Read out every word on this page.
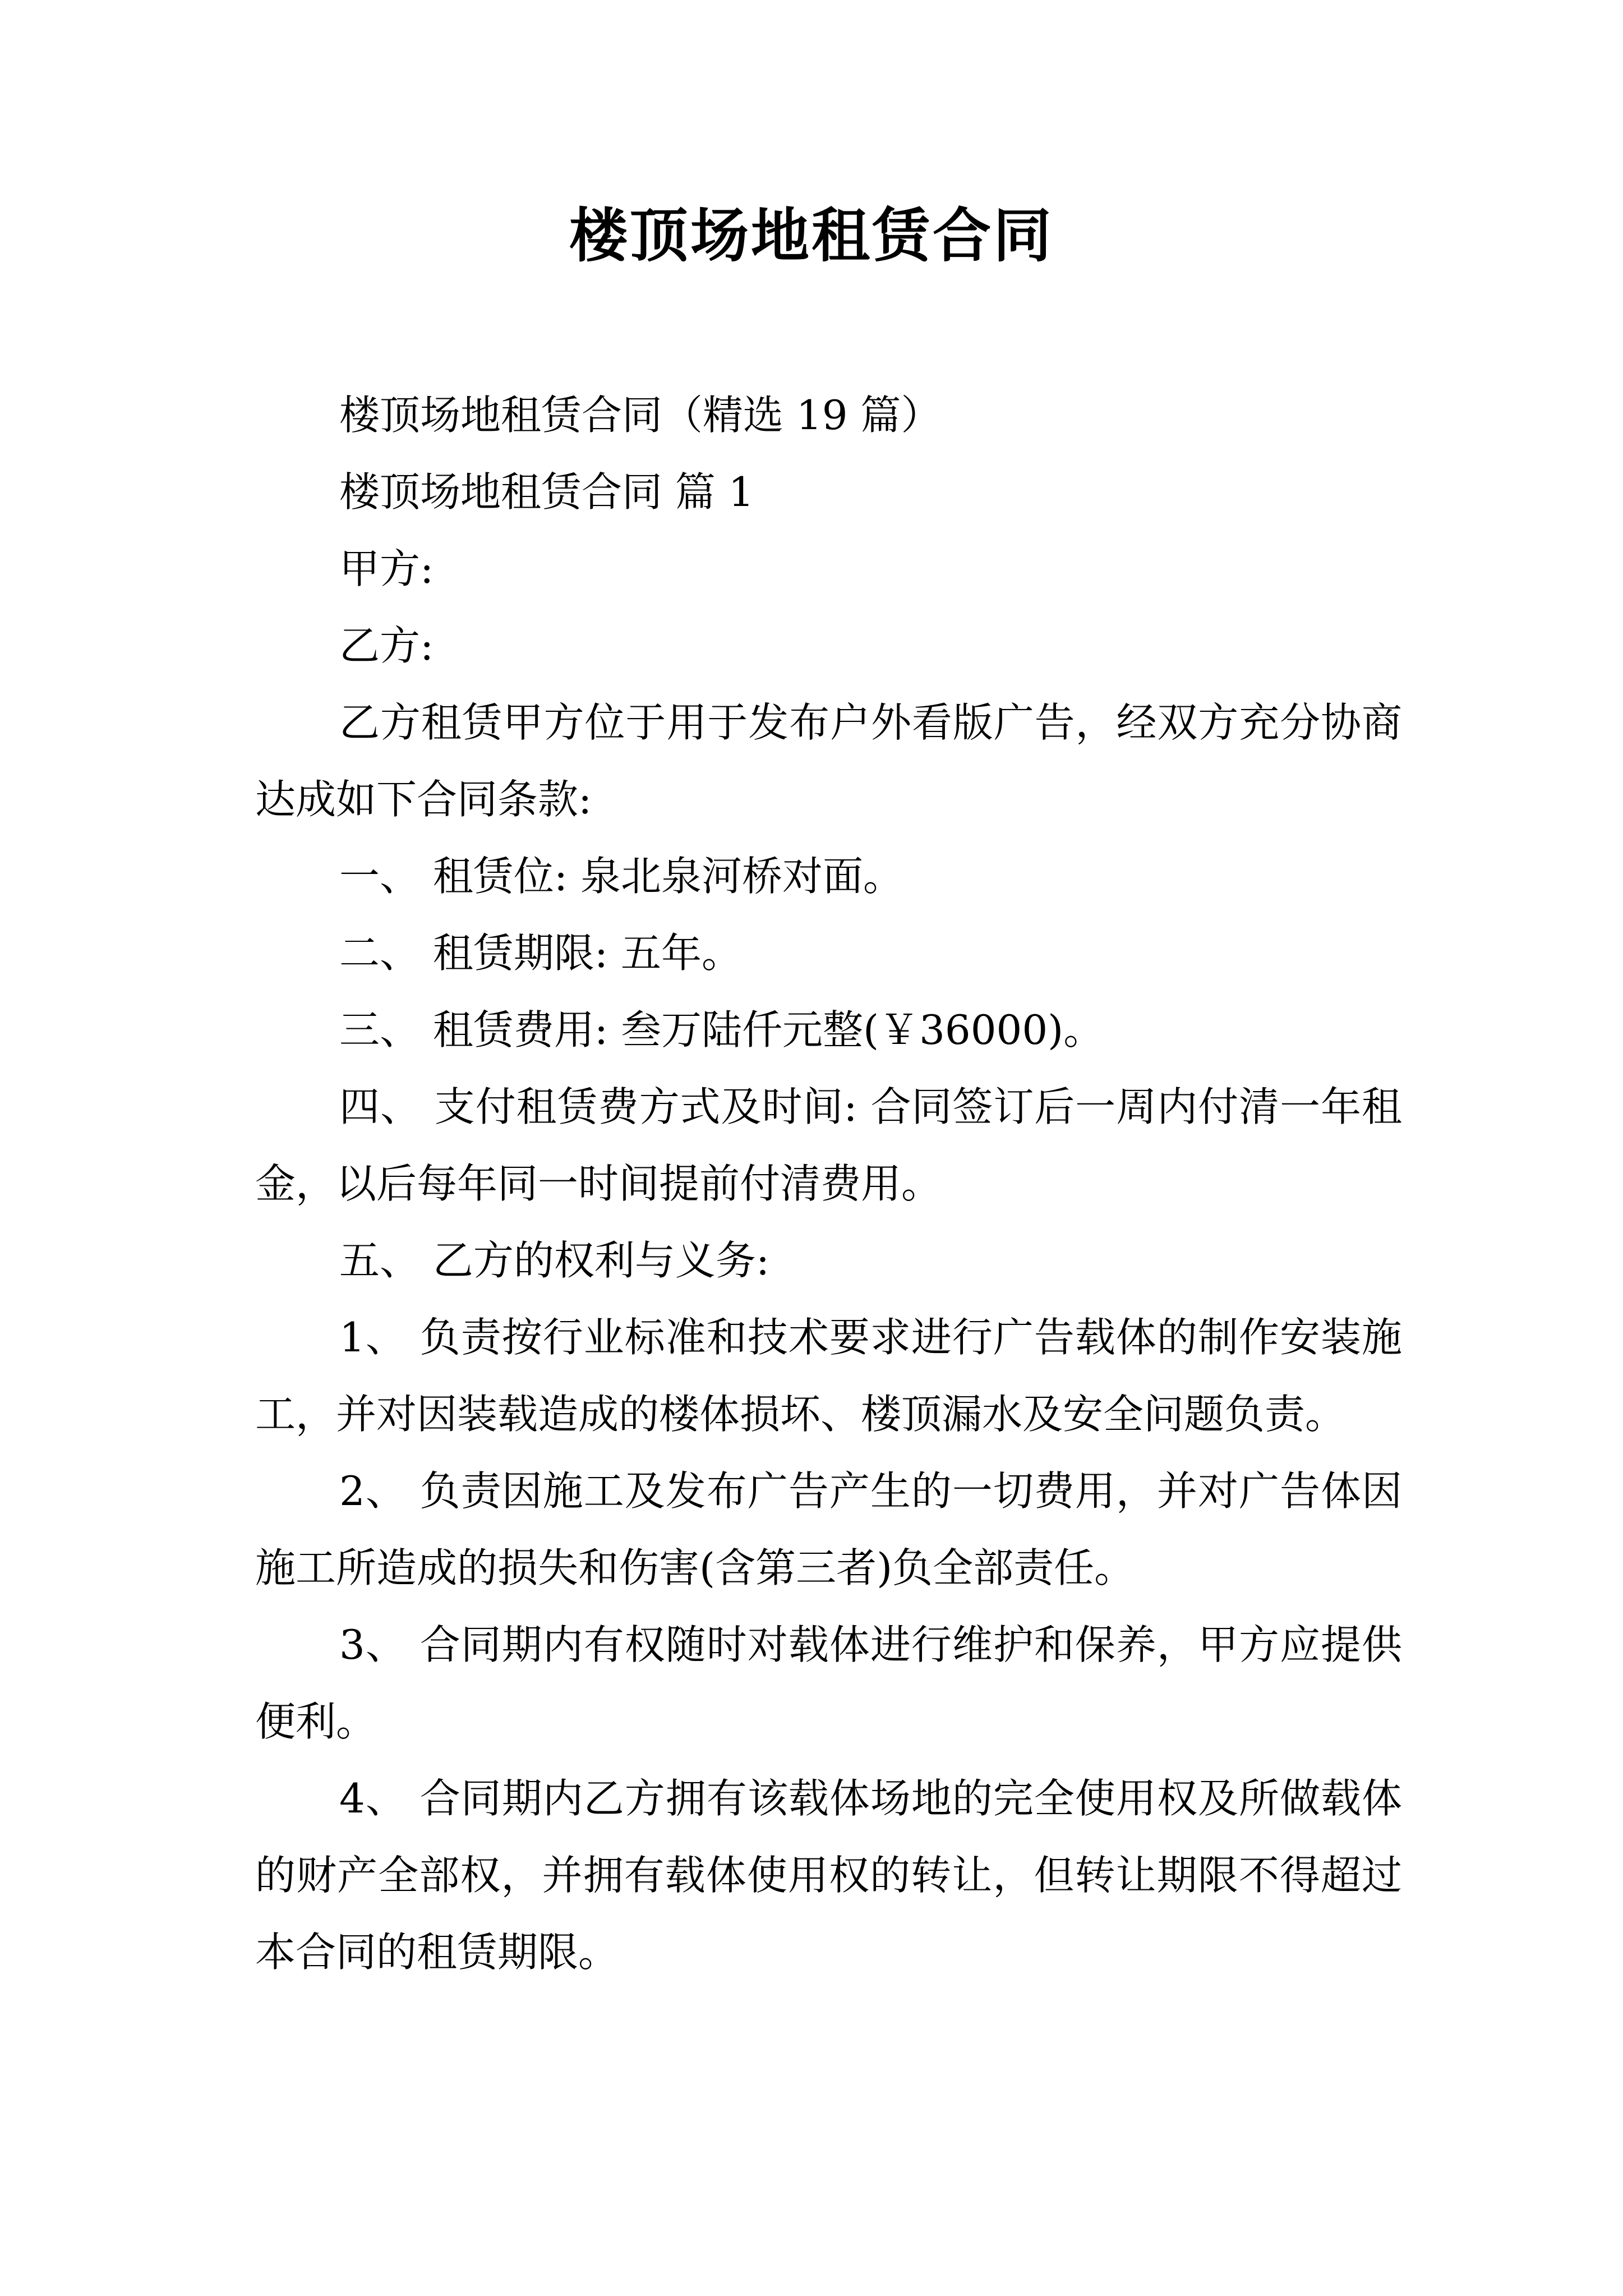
楼顶场地租赁合同

楼顶场地租赁合同（精选 19 篇）

楼顶场地租赁合同 篇 1

甲方:

乙方:

乙方租赁甲方位于用于发布户外看版广告，经双方充分协商达成如下合同条款:

一、 租赁位: 泉北泉河桥对面。

二、 租赁期限: 五年。

三、 租赁费用: 叁万陆仟元整(￥36000)。

四、 支付租赁费方式及时间: 合同签订后一周内付清一年租金，以后每年同一时间提前付清费用。

五、 乙方的权利与义务:

1、 负责按行业标准和技术要求进行广告载体的制作安装施工，并对因装载造成的楼体损坏、楼顶漏水及安全问题负责。

2、 负责因施工及发布广告产生的一切费用，并对广告体因施工所造成的损失和伤害(含第三者)负全部责任。

3、 合同期内有权随时对载体进行维护和保养，甲方应提供便利。

4、 合同期内乙方拥有该载体场地的完全使用权及所做载体的财产全部权，并拥有载体使用权的转让，但转让期限不得超过本合同的租赁期限。
